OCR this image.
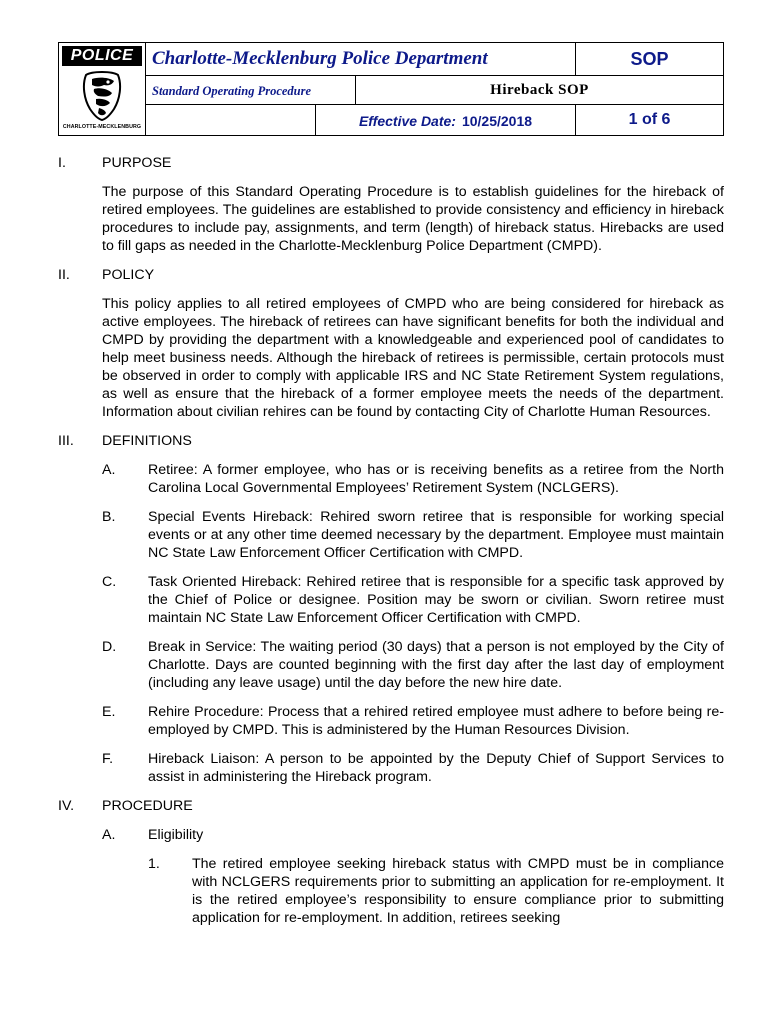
POLICE
CHARLOTTE-MECKLENBURG
Charlotte-Mecklenburg Police Department	SOP
Standard Operating Procedure	Hireback SOP
Effective Date: 10/25/2018	1 of 6
I.	PURPOSE

The purpose of this Standard Operating Procedure is to establish guidelines for the hireback of retired employees. The guidelines are established to provide consistency and efficiency in hireback procedures to include pay, assignments, and term (length) of hireback status. Hirebacks are used to fill gaps as needed in the Charlotte-Mecklenburg Police Department (CMPD).

II.	POLICY

This policy applies to all retired employees of CMPD who are being considered for hireback as active employees. The hireback of retirees can have significant benefits for both the individual and CMPD by providing the department with a knowledgeable and experienced pool of candidates to help meet business needs. Although the hireback of retirees is permissible, certain protocols must be observed in order to comply with applicable IRS and NC State Retirement System regulations, as well as ensure that the hireback of a former employee meets the needs of the department. Information about civilian rehires can be found by contacting City of Charlotte Human Resources.

III.	DEFINITIONS
A.	Retiree: A former employee, who has or is receiving benefits as a retiree from the North Carolina Local Governmental Employees’ Retirement System (NCLGERS).
B.	Special Events Hireback: Rehired sworn retiree that is responsible for working special events or at any other time deemed necessary by the department. Employee must maintain NC State Law Enforcement Officer Certification with CMPD.
C.	Task Oriented Hireback: Rehired retiree that is responsible for a specific task approved by the Chief of Police or designee. Position may be sworn or civilian. Sworn retiree must maintain NC State Law Enforcement Officer Certification with CMPD.
D.	Break in Service: The waiting period (30 days) that a person is not employed by the City of Charlotte. Days are counted beginning with the first day after the last day of employment (including any leave usage) until the day before the new hire date.
E.	Rehire Procedure: Process that a rehired retired employee must adhere to before being re-employed by CMPD. This is administered by the Human Resources Division.
F.	Hireback Liaison: A person to be appointed by the Deputy Chief of Support Services to assist in administering the Hireback program.
IV.	PROCEDURE
A.	Eligibility
1.	The retired employee seeking hireback status with CMPD must be in compliance with NCLGERS requirements prior to submitting an application for re-employment. It is the retired employee’s responsibility to ensure compliance prior to submitting application for re-employment. In addition, retirees seeking
